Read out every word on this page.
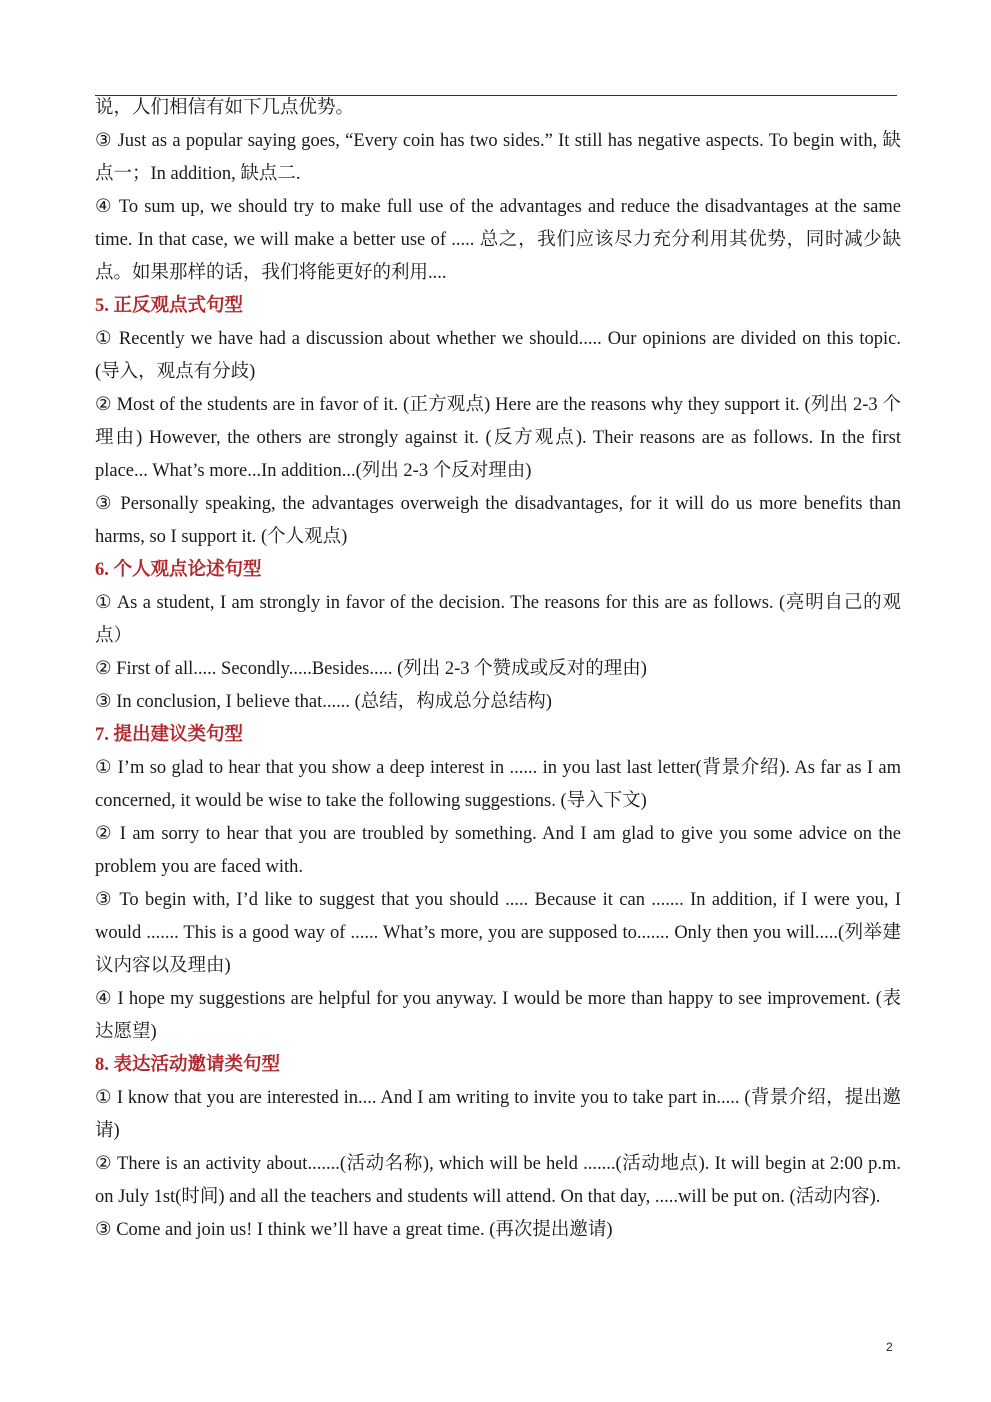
说，人们相信有如下几点优势。

③ Just as a popular saying goes, “Every coin has two sides.” It still has negative aspects. To begin with, 缺点一；In addition, 缺点二.

④ To sum up, we should try to make full use of the advantages and reduce the disadvantages at the same time. In that case, we will make a better use of ..... 总之，我们应该尽力充分利用其优势，同时减少缺点。如果那样的话，我们将能更好的利用....

5. 正反观点式句型

① Recently we have had a discussion about whether we should..... Our opinions are divided on this topic. (导入，观点有分歧)

② Most of the students are in favor of it. (正方观点) Here are the reasons why they support it. (列出 2-3 个理由) However, the others are strongly against it. (反方观点). Their reasons are as follows. In the first place... What’s more...In addition...(列出 2-3 个反对理由)

③ Personally speaking, the advantages overweigh the disadvantages, for it will do us more benefits than harms, so I support it. (个人观点)

6. 个人观点论述句型

① As a student, I am strongly in favor of the decision. The reasons for this are as follows. (亮明自己的观点）

② First of all..... Secondly.....Besides..... (列出 2-3 个赞成或反对的理由)

③ In conclusion, I believe that...... (总结，构成总分总结构)

7. 提出建议类句型

① I’m so glad to hear that you show a deep interest in ...... in you last last letter(背景介绍). As far as I am concerned, it would be wise to take the following suggestions. (导入下文)

② I am sorry to hear that you are troubled by something. And I am glad to give you some advice on the problem you are faced with.

③ To begin with, I’d like to suggest that you should ..... Because it can ....... In addition, if I were you, I would ....... This is a good way of ...... What’s more, you are supposed to....... Only then you will.....(列举建议内容以及理由)

④ I hope my suggestions are helpful for you anyway. I would be more than happy to see improvement. (表达愿望)

8. 表达活动邀请类句型

① I know that you are interested in.... And I am writing to invite you to take part in..... (背景介绍，提出邀请)

② There is an activity about.......(活动名称), which will be held .......(活动地点). It will begin at 2:00 p.m. on July 1st(时间) and all the teachers and students will attend. On that day, .....will be put on. (活动内容).

③ Come and join us! I think we’ll have a great time. (再次提出邀请)

2
